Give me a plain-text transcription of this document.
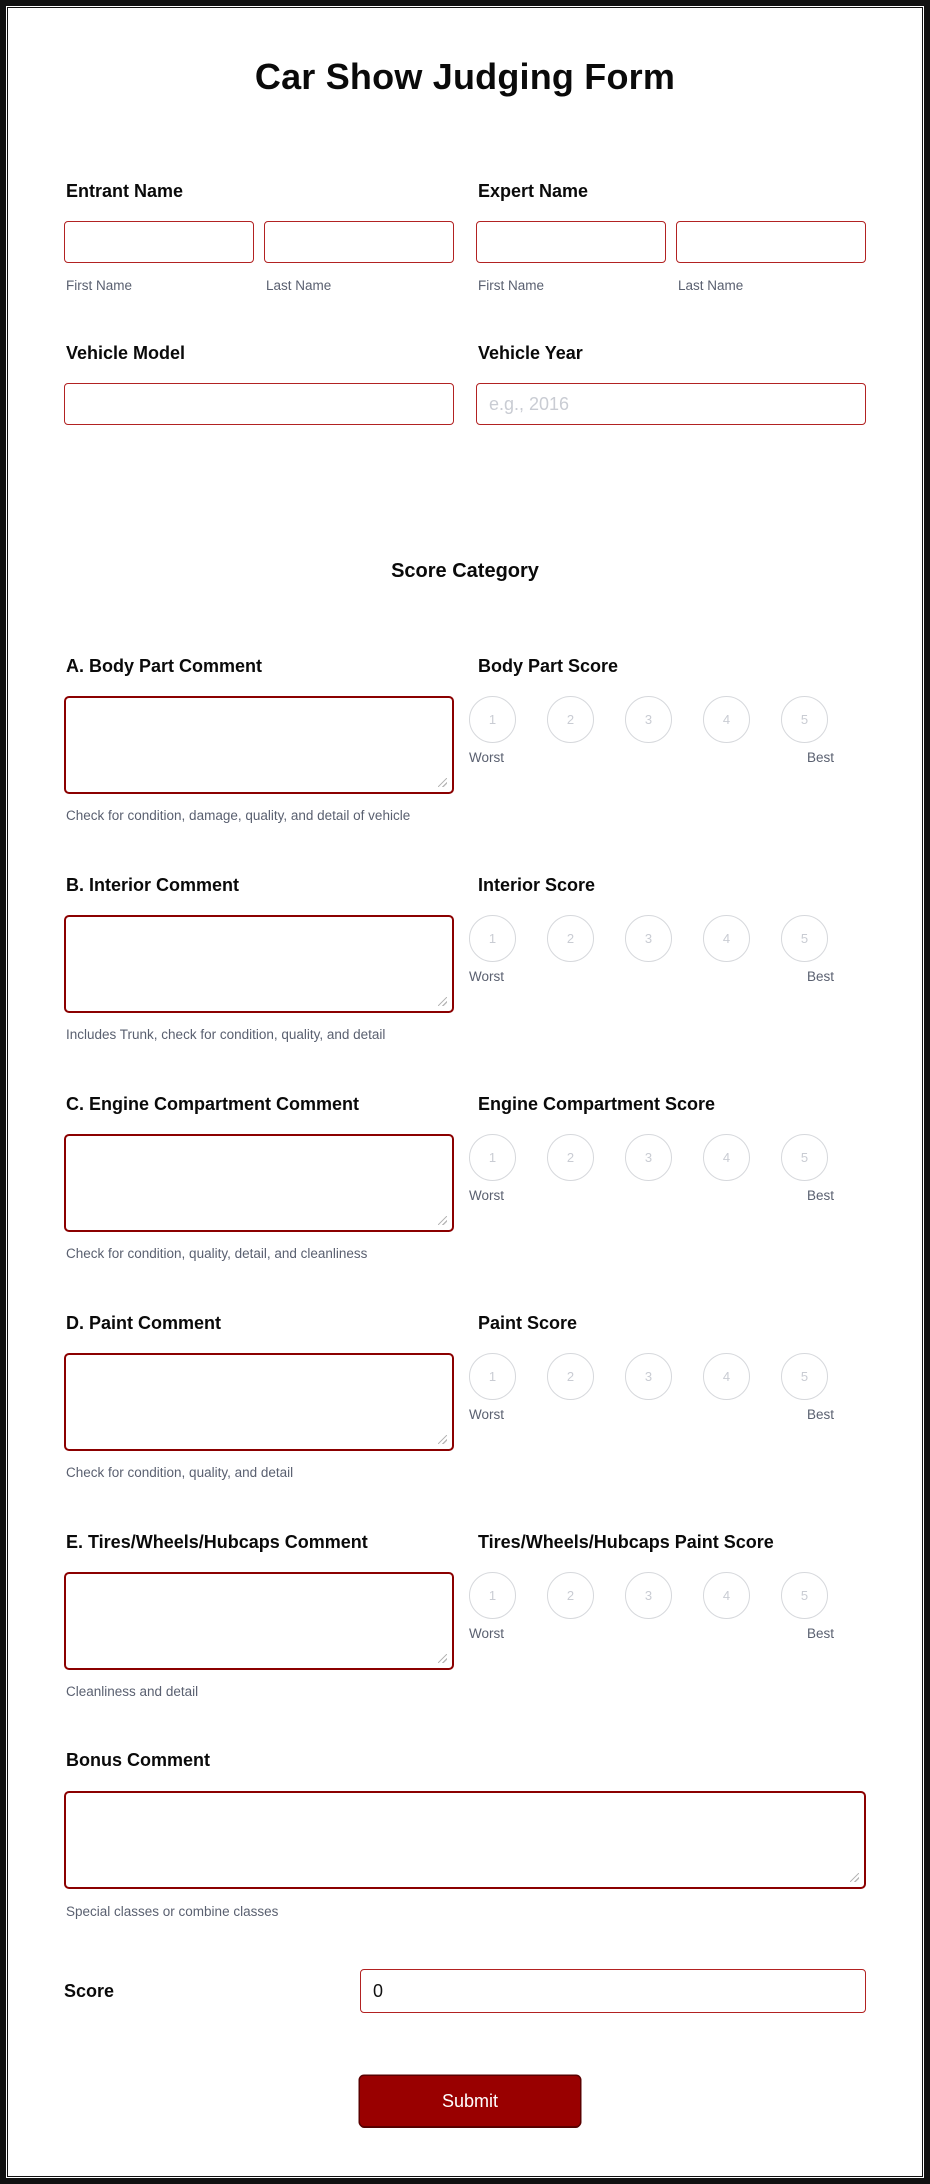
Car Show Judging Form
Entrant Name
First Name	Last Name
Expert Name
First Name	Last Name
Vehicle Model	Vehicle Year
e.g., 2016
Score Category
A. Body Part Comment	Body Part Score
Check for condition, damage, quality, and detail of vehicle
1	2	3	4	5
Worst	Best
B. Interior Comment	Interior Score
Includes Trunk, check for condition, quality, and detail
1	2	3	4	5
Worst	Best
C. Engine Compartment Comment	Engine Compartment Score
Check for condition, quality, detail, and cleanliness
1	2	3	4	5
Worst	Best
D. Paint Comment	Paint Score
Check for condition, quality, and detail
1	2	3	4	5
Worst	Best
E. Tires/Wheels/Hubcaps Comment	Tires/Wheels/Hubcaps Paint Score
Cleanliness and detail
1	2	3	4	5
Worst	Best
Bonus Comment
Special classes or combine classes
Score
0
Submit
